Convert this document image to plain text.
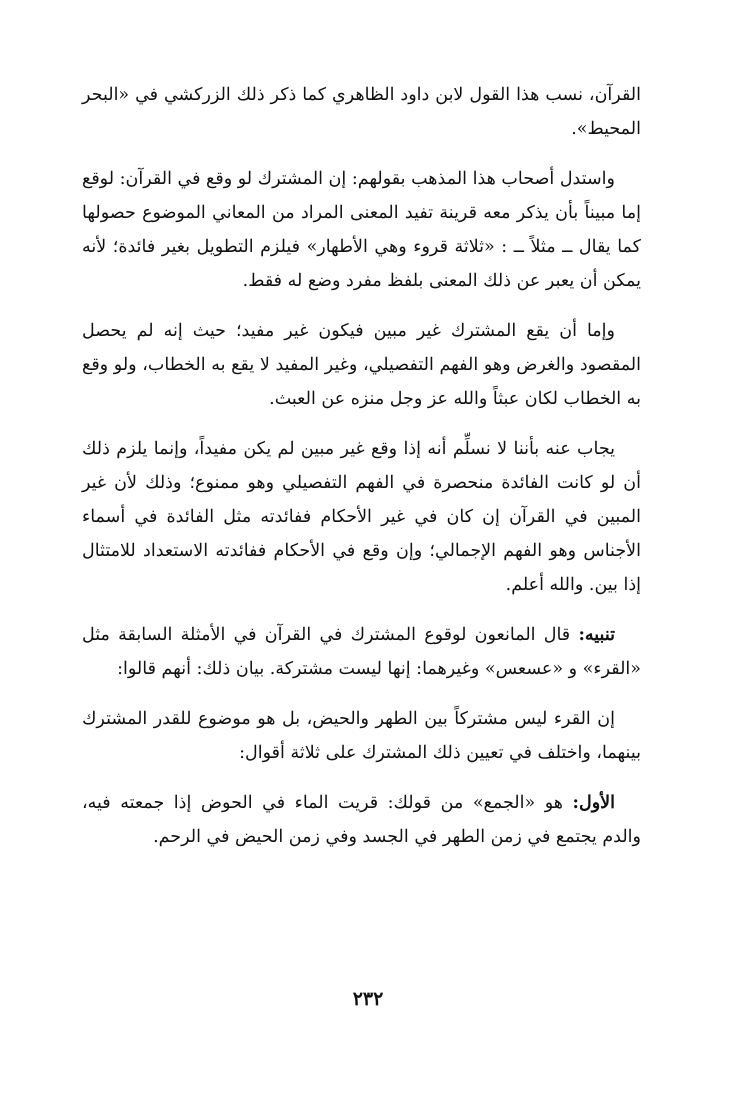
القرآن، نسب هذا القول لابن داود الظاهري كما ذكر ذلك الزركشي في «البحر المحيط».

واستدل أصحاب هذا المذهب بقولهم: إن المشترك لو وقع في القرآن: لوقع إما مبيناً بأن يذكر معه قرينة تفيد المعنى المراد من المعاني الموضوع حصولها كما يقال ــ مثلاً ــ : «ثلاثة قروء وهي الأطهار» فيلزم التطويل بغير فائدة؛ لأنه يمكن أن يعبر عن ذلك المعنى بلفظ مفرد وضع له فقط.

وإما أن يقع المشترك غير مبين فيكون غير مفيد؛ حيث إنه لم يحصل المقصود والغرض وهو الفهم التفصيلي، وغير المفيد لا يقع به الخطاب، ولو وقع به الخطاب لكان عبثاً والله عز وجل منزه عن العبث.

يجاب عنه بأننا لا نسلِّم أنه إذا وقع غير مبين لم يكن مفيداً، وإنما يلزم ذلك أن لو كانت الفائدة منحصرة في الفهم التفصيلي وهو ممنوع؛ وذلك لأن غير المبين في القرآن إن كان في غير الأحكام ففائدته مثل الفائدة في أسماء الأجناس وهو الفهم الإجمالي؛ وإن وقع في الأحكام ففائدته الاستعداد للامتثال إذا بين. والله أعلم.

تنبيه: قال المانعون لوقوع المشترك في القرآن في الأمثلة السابقة مثل «القرء» و «عسعس» وغيرهما: إنها ليست مشتركة. بيان ذلك: أنهم قالوا:

إن القرء ليس مشتركاً بين الطهر والحيض، بل هو موضوع للقدر المشترك بينهما، واختلف في تعيين ذلك المشترك على ثلاثة أقوال:

الأول: هو «الجمع» من قولك: قريت الماء في الحوض إذا جمعته فيه، والدم يجتمع في زمن الطهر في الجسد وفي زمن الحيض في الرحم.

٢٣٢
